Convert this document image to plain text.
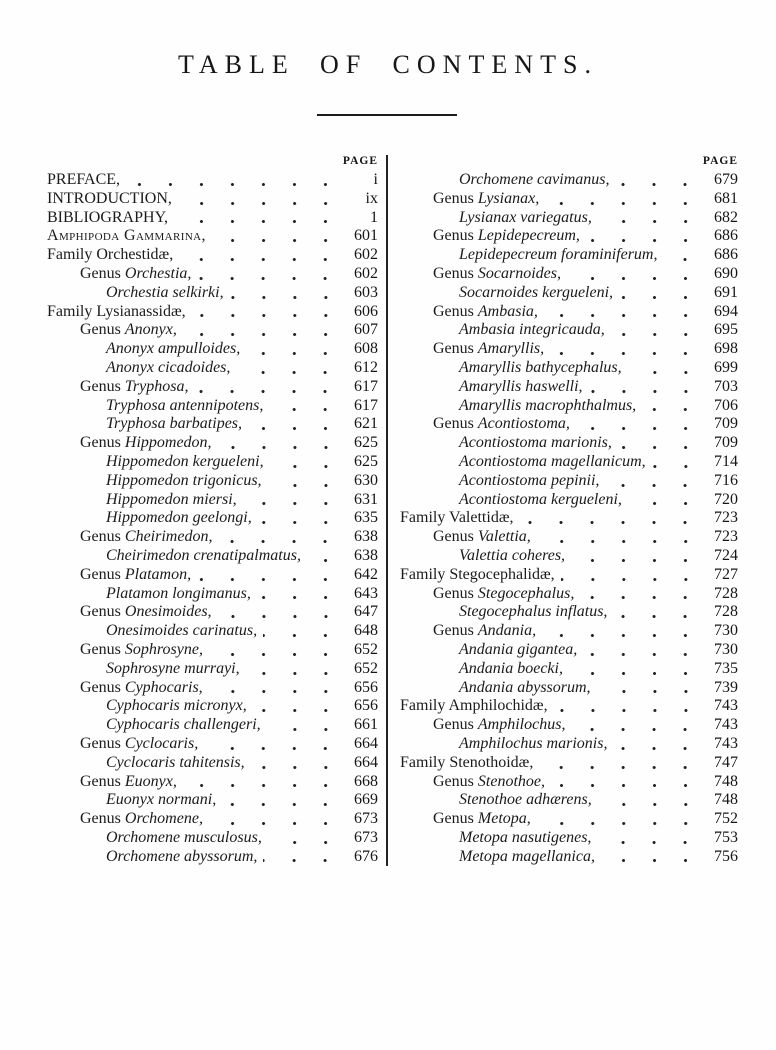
TABLE OF CONTENTS.
PAGE
PREFACE,	i
INTRODUCTION,	ix
BIBLIOGRAPHY,	1
Amphipoda Gammarina,	601
Family Orchestidæ,	602
Genus Orchestia,	602
Orchestia selkirki,	603
Family Lysianassidæ,	606
Genus Anonyx,	607
Anonyx ampulloides,	608
Anonyx cicadoides,	612
Genus Tryphosa,	617
Tryphosa antennipotens,	617
Tryphosa barbatipes,	621
Genus Hippomedon,	625
Hippomedon kergueleni,	625
Hippomedon trigonicus,	630
Hippomedon miersi,	631
Hippomedon geelongi,	635
Genus Cheirimedon,	638
Cheirimedon crenatipalmatus,	638
Genus Platamon,	642
Platamon longimanus,	643
Genus Onesimoides,	647
Onesimoides carinatus,	648
Genus Sophrosyne,	652
Sophrosyne murrayi,	652
Genus Cyphocaris,	656
Cyphocaris micronyx,	656
Cyphocaris challengeri,	661
Genus Cyclocaris,	664
Cyclocaris tahitensis,	664
Genus Euonyx,	668
Euonyx normani,	669
Genus Orchomene,	673
Orchomene musculosus,	673
Orchomene abyssorum,	676
PAGE
Orchomene cavimanus,	679
Genus Lysianax,	681
Lysianax variegatus,	682
Genus Lepidepecreum,	686
Lepidepecreum foraminiferum,	686
Genus Socarnoides,	690
Socarnoides kergueleni,	691
Genus Ambasia,	694
Ambasia integricauda,	695
Genus Amaryllis,	698
Amaryllis bathycephalus,	699
Amaryllis haswelli,	703
Amaryllis macrophthalmus,	706
Genus Acontiostoma,	709
Acontiostoma marionis,	709
Acontiostoma magellanicum,	714
Acontiostoma pepinii,	716
Acontiostoma kergueleni,	720
Family Valettidæ,	723
Genus Valettia,	723
Valettia coheres,	724
Family Stegocephalidæ,	727
Genus Stegocephalus,	728
Stegocephalus inflatus,	728
Genus Andania,	730
Andania gigantea,	730
Andania boecki,	735
Andania abyssorum,	739
Family Amphilochidæ,	743
Genus Amphilochus,	743
Amphilochus marionis,	743
Family Stenothoidæ,	747
Genus Stenothoe,	748
Stenothoe adhærens,	748
Genus Metopa,	752
Metopa nasutigenes,	753
Metopa magellanica,	756
